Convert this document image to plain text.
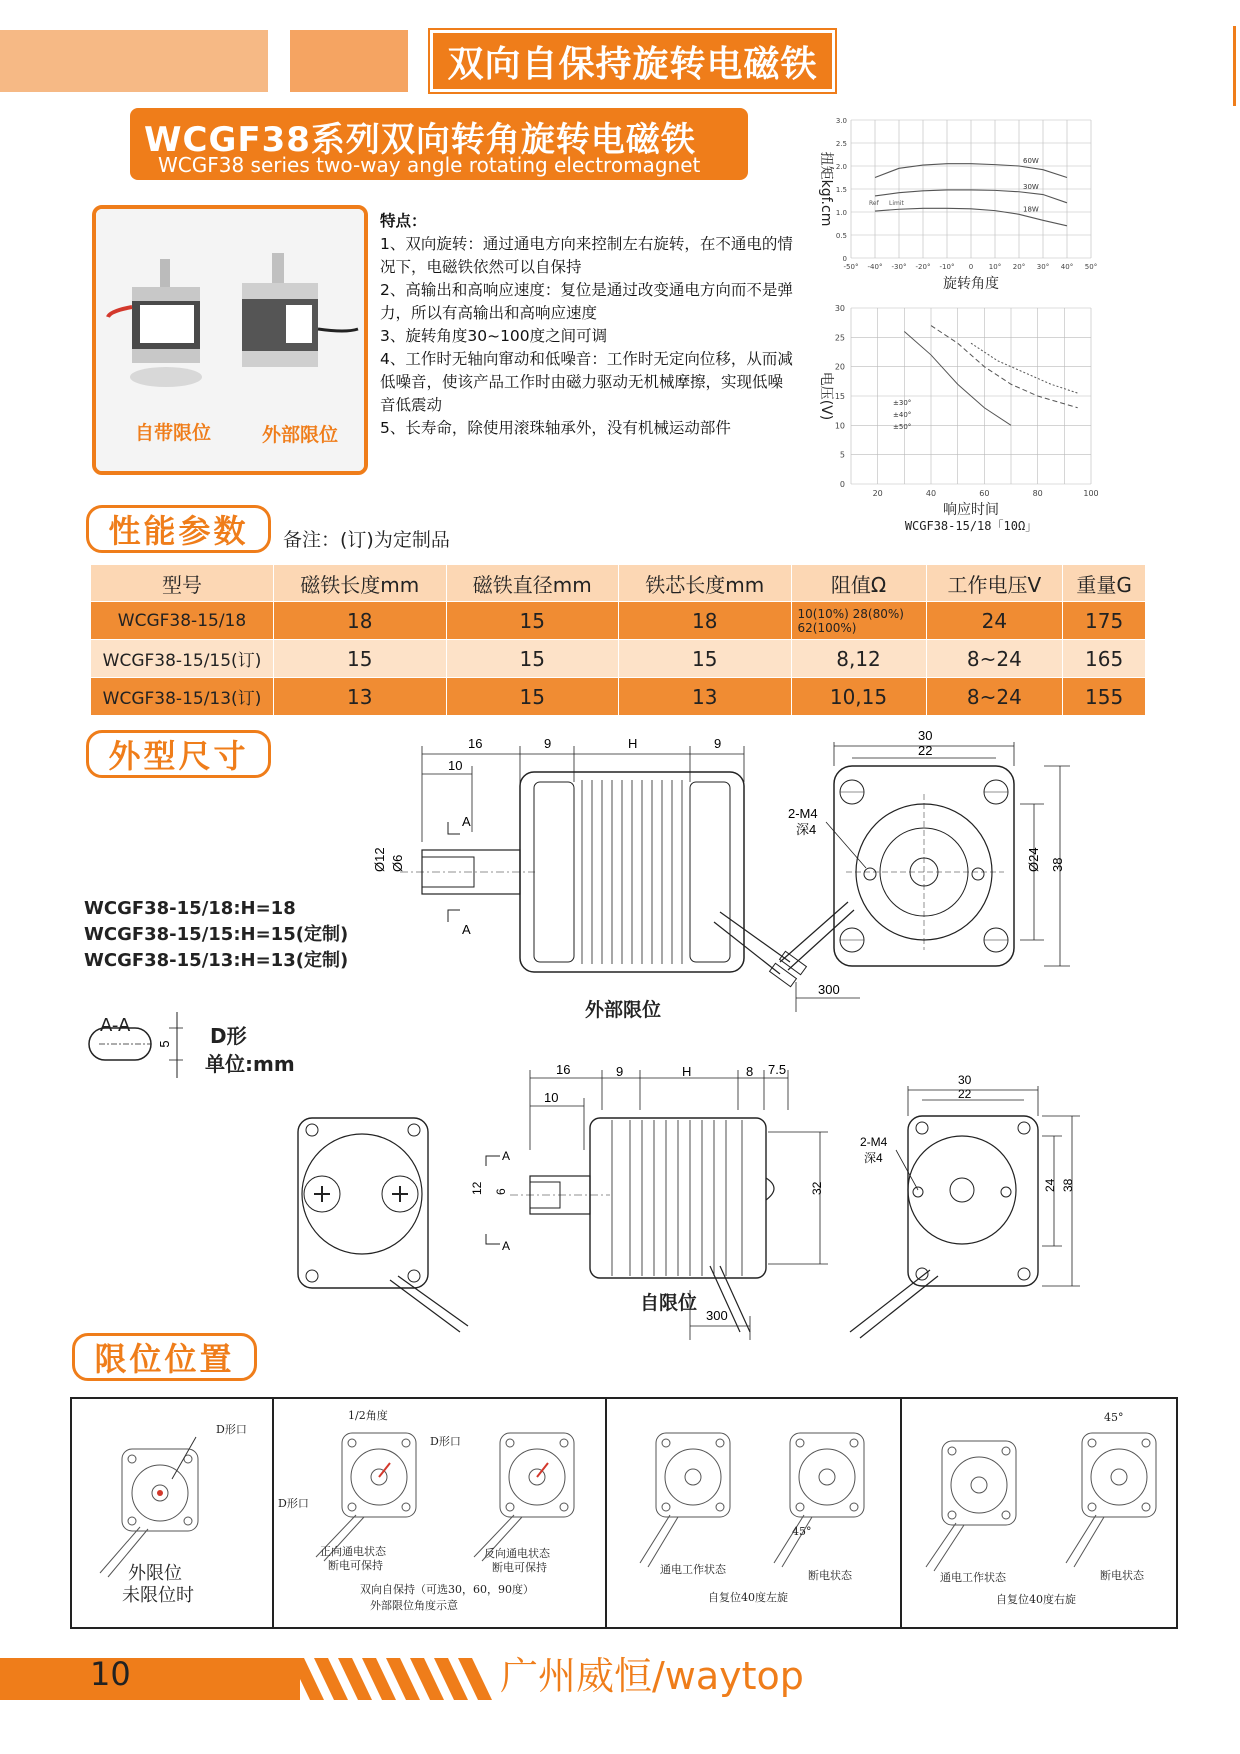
双向自保持旋转电磁铁
WCGF38系列双向转角旋转电磁铁
WCGF38 series two-way angle rotating electromagnet
自带限位	外部限位
特点：
1、双向旋转：通过通电方向来控制左右旋转，在不通电的情况下，电磁铁依然可以自保持
2、高输出和高响应速度：复位是通过改变通电方向而不是弹力，所以有高输出和高响应速度
3、旋转角度30~100度之间可调
4、工作时无轴向窜动和低噪音：工作时无定向位移，从而减低噪音，使该产品工作时由磁力驱动无机械摩擦，实现低噪音低震动
5、长寿命，除使用滚珠轴承外，没有机械运动部件
-50° -40° -30° -20° -10° 0 10° 20° 30° 40° 50°
0
0.5
1.0
1.5
2.0
2.5
3.0
60W
30W
18W
Ref Limit
旋转角度
扭矩kgf.cm
20	40	60	80	100
0
5
10
15
20
25
30
±30°
±40°
±50°
响应时间
WCGF38-15/18「10Ω」
电压(V)
性能参数	备注：(订)为定制品
型号	磁铁长度mm	磁铁直径mm	铁芯长度mm	阻值Ω	工作电压V	重量G
WCGF38-15/18	18	15	18	10(10%) 28(80%)
62(100%)	24	175
WCGF38-15/15(订)	15	15	15	8,12	8~24	165
WCGF38-15/13(订)	13	15	13	10,15	8~24	155
外型尺寸
WCGF38-15/18:H=18
WCGF38-15/15:H=15(定制)
WCGF38-15/13:H=13(定制)
A-A
5 D形
单位:mm
16	9	H	9
10
Ø12 Ø6
A
A
300
30
22
2-M4
深4
Ø24 38
外部限位
16	9	H	8 7.5
10
12 6
A
A
32
300
30
22
2-M4
深4
24 38
自限位
限位位置
D形口
外限位
未限位时
1/2角度
D形口
D形口
正向通电状态
断电可保持
反向通电状态
断电可保持
双向自保持（可选30，60，90度）
外部限位角度示意
通电工作状态	断电状态
45°
自复位40度左旋
通电工作状态	断电状态
45°
自复位40度右旋
10	广州威恒/waytop
